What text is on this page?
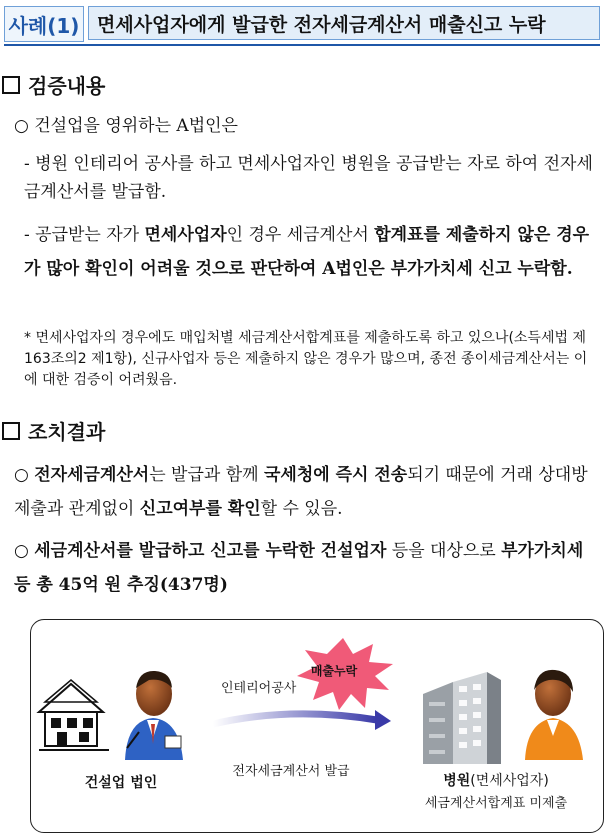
사례(1) 면세사업자에게 발급한 전자세금계산서 매출신고 누락
검증내용
○ 건설업을 영위하는 A법인은
- 병원 인테리어 공사를 하고 면세사업자인 병원을 공급받는 자로 하여 전자세금계산서를 발급함.
- 공급받는 자가 면세사업자인 경우 세금계산서 합계표를 제출하지 않은 경우가 많아 확인이 어려울 것으로 판단하여 A법인은 부가가치세 신고 누락함.
* 면세사업자의 경우에도 매입처별 세금계산서합계표를 제출하도록 하고 있으나(소득세법 제163조의2 제1항), 신규사업자 등은 제출하지 않은 경우가 많으며, 종전 종이세금계산서는 이에 대한 검증이 어려웠음.
조치결과
○ 전자세금계산서는 발급과 함께 국세청에 즉시 전송되기 때문에 거래 상대방 제출과 관계없이 신고여부를 확인할 수 있음.
○ 세금계산서를 발급하고 신고를 누락한 건설업자 등을 대상으로 부가가치세 등 총 45억 원 추징(437명)
인테리어공사
매출누락
전자세금계산서 발급
건설업 법인	병원(면세사업자)
세금계산서합계표 미제출
